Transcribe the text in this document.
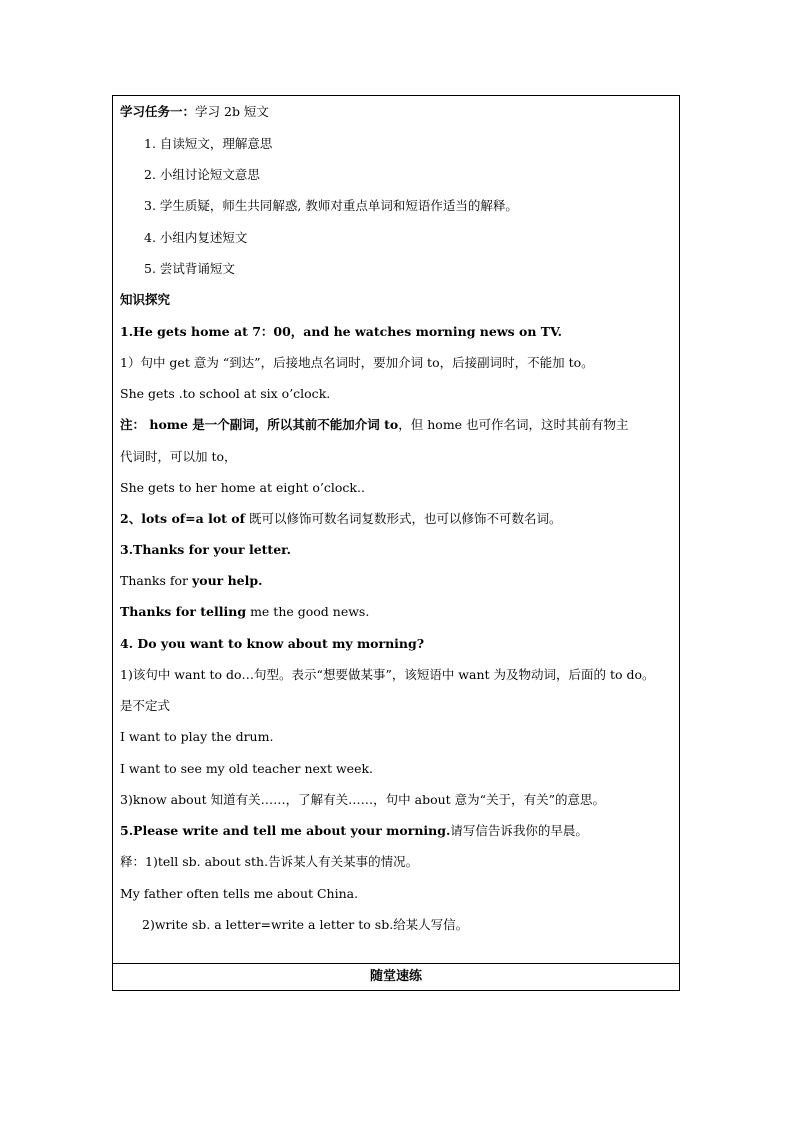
学习任务一：学习 2b 短文
1. 自读短文，理解意思
2. 小组讨论短文意思
3. 学生质疑，师生共同解惑, 教师对重点单词和短语作适当的解释。
4. 小组内复述短文
5. 尝试背诵短文
知识探究
1.He gets home at 7：00，and he watches morning news on TV.
1）句中 get 意为 “到达”，后接地点名词时，要加介词 to，后接副词时，不能加 to。
She gets .to school at six o’clock.
注： home 是一个副词，所以其前不能加介词 to，但 home 也可作名词，这时其前有物主
代词时，可以加 to，
She gets to her home at eight o’clock..
2、lots of=a lot of 既可以修饰可数名词复数形式，也可以修饰不可数名词。
3.Thanks for your letter.
Thanks for your help.
Thanks for telling me the good news.
4. Do you want to know about my morning?
1)该句中 want to do…句型。表示“想要做某事”，该短语中 want 为及物动词，后面的 to do。
是不定式
I want to play the drum.
I want to see my old teacher next week.
3)know about 知道有关……，了解有关……，句中 about 意为“关于，有关”的意思。
5.Please write and tell me about your morning.请写信告诉我你的早晨。
释：1)tell sb. about sth.告诉某人有关某事的情况。
My father often tells me about China.
2)write sb. a letter=write a letter to sb.给某人写信。
随堂速练
